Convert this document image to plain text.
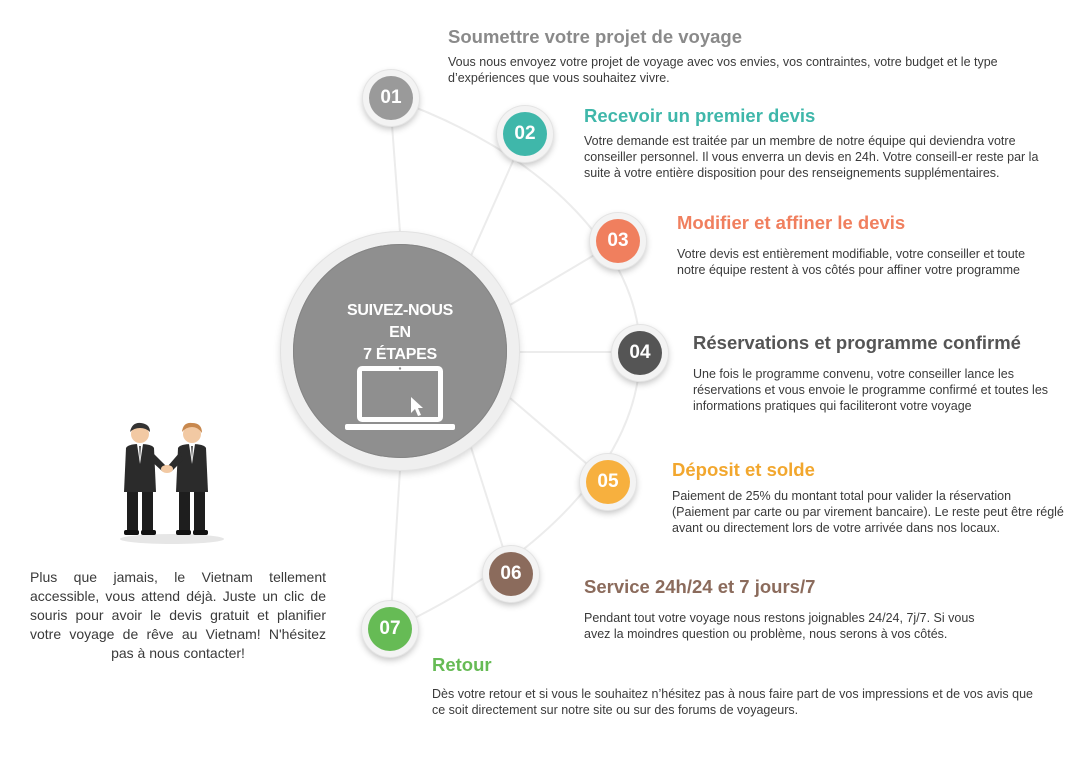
SUIVEZ-NOUS
EN
7 ÉTAPES
01
Soumettre votre projet de voyage
Vous nous envoyez votre projet de voyage avec vos envies, vos contraintes, votre budget et le type d’expériences que vous souhaitez vivre.
02
Recevoir un premier devis
Votre demande est traitée par un membre de notre équipe qui deviendra votre conseiller personnel. Il vous enverra un devis en 24h. Votre conseill-er reste par la suite à votre entière disposition pour des renseignements supplémentaires.
03
Modifier et affiner le devis
Votre devis est entièrement modifiable, votre conseiller et toute notre équipe restent à vos côtés pour affiner votre programme
04	Réservations et programme confirmé
Une fois le programme convenu, votre conseiller lance les réservations et vous envoie le programme confirmé et toutes les informations pratiques qui faciliteront votre voyage
05
Déposit et solde
Paiement de 25% du montant total pour valider la réservation (Paiement par carte ou par virement bancaire). Le reste peut être réglé avant ou directement lors de votre arrivée dans nos locaux.
06
Service 24h/24 et 7 jours/7
Pendant tout votre voyage nous restons joignables 24/24, 7j/7. Si vous avez la moindres question ou problème, nous serons à vos côtés.
07
Retour
Dès votre retour et si vous le souhaitez n’hésitez pas à nous faire part de vos impressions et de vos avis que ce soit directement sur notre site ou sur des forums de voyageurs.
Plus que jamais, le Vietnam tellement accessible, vous attend déjà. Juste un clic de souris pour avoir le devis gratuit et planifier votre voyage de rêve au Vietnam! N'hésitez pas à nous contacter!
